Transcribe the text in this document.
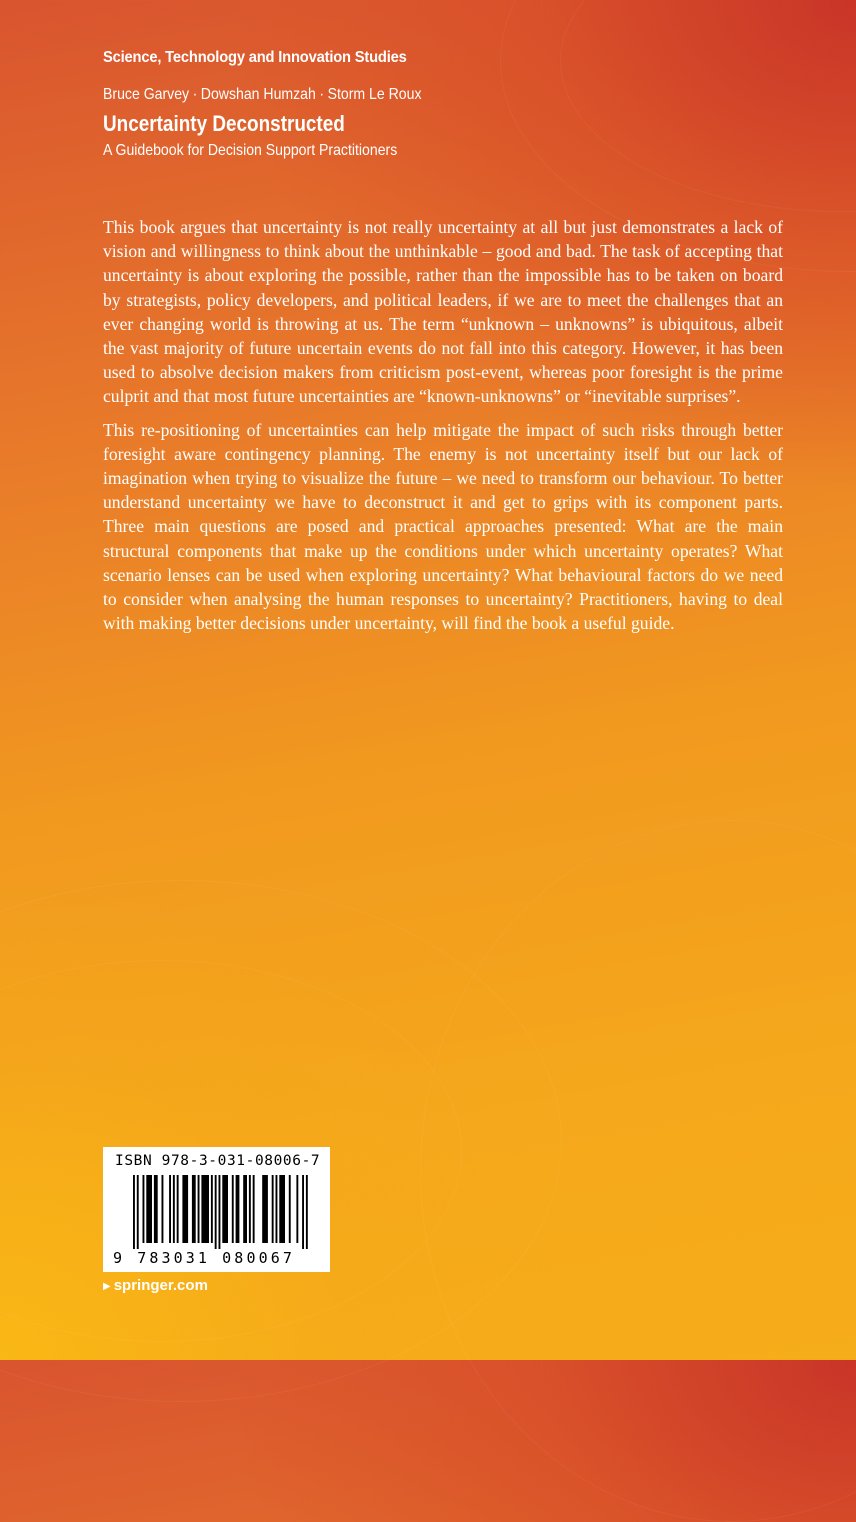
Science, Technology and Innovation Studies
Bruce Garvey · Dowshan Humzah · Storm Le Roux
Uncertainty Deconstructed
A Guidebook for Decision Support Practitioners

This book argues that uncertainty is not really uncertainty at all but just demonstrates a lack of vision and willingness to think about the unthinkable – good and bad. The task of accepting that uncertainty is about exploring the possible, rather than the impossible has to be taken on board by strategists, policy developers, and political leaders, if we are to meet the challenges that an ever changing world is throwing at us. The term “unknown – unknowns” is ubiquitous, albeit the vast majority of future uncertain events do not fall into this category. However, it has been used to absolve decision makers from criticism post-event, whereas poor foresight is the prime culprit and that most future uncertainties are “known-unknowns” or “inevitable surprises”.

This re-positioning of uncertainties can help mitigate the impact of such risks through better foresight aware contingency planning. The enemy is not uncertainty itself but our lack of imagination when trying to visualize the future – we need to transform our behaviour. To better understand uncertainty we have to deconstruct it and get to grips with its component parts. Three main questions are posed and practical approaches presented: What are the main structural components that make up the conditions under which uncertainty operates? What scenario lenses can be used when exploring uncertainty? What behavioural factors do we need to consider when analysing the human responses to uncertainty? Practitioners, having to deal with making better decisions under uncertainty, will find the book a useful guide.

ISBN 978-3-031-08006-7
9 783031 080067
▶ springer.com
